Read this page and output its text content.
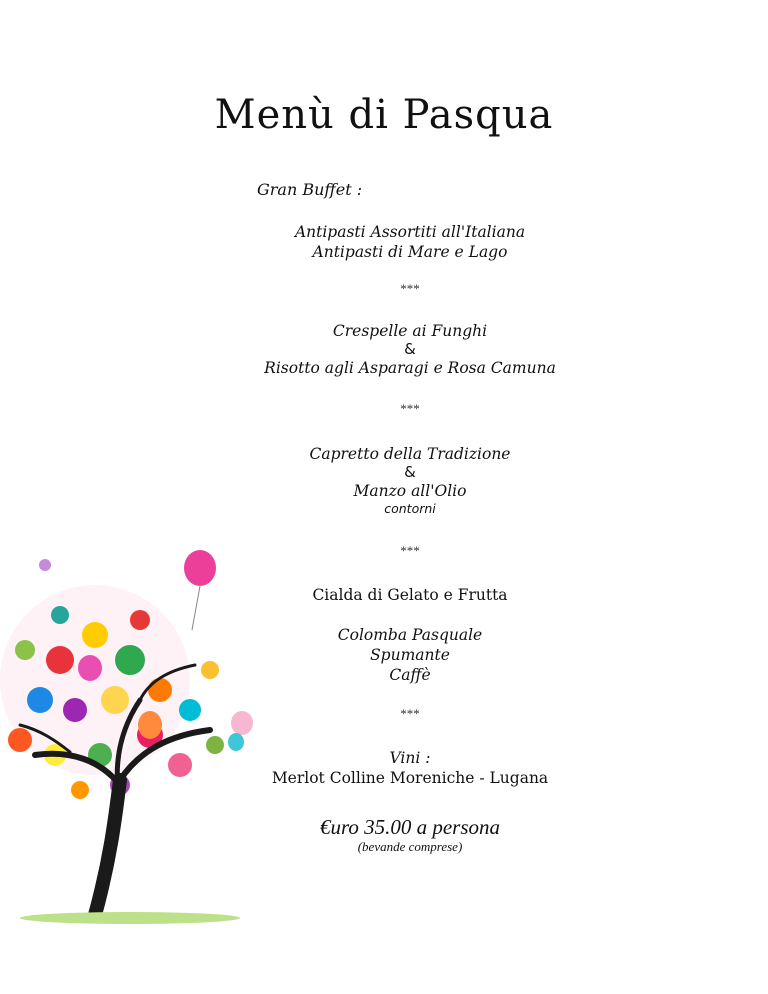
Menù di Pasqua
Gran Buffet :
Antipasti Assortiti all'Italiana
Antipasti di Mare e Lago
***
Crespelle ai Funghi
&
Risotto agli Asparagi e Rosa Camuna
***
Capretto della Tradizione
&
Manzo all'Olio
contorni
***
Cialda di Gelato e Frutta
Colomba Pasquale
Spumante
Caffè
***
Vini :
Merlot Colline Moreniche - Lugana
€uro 35.00 a persona
(bevande comprese)
